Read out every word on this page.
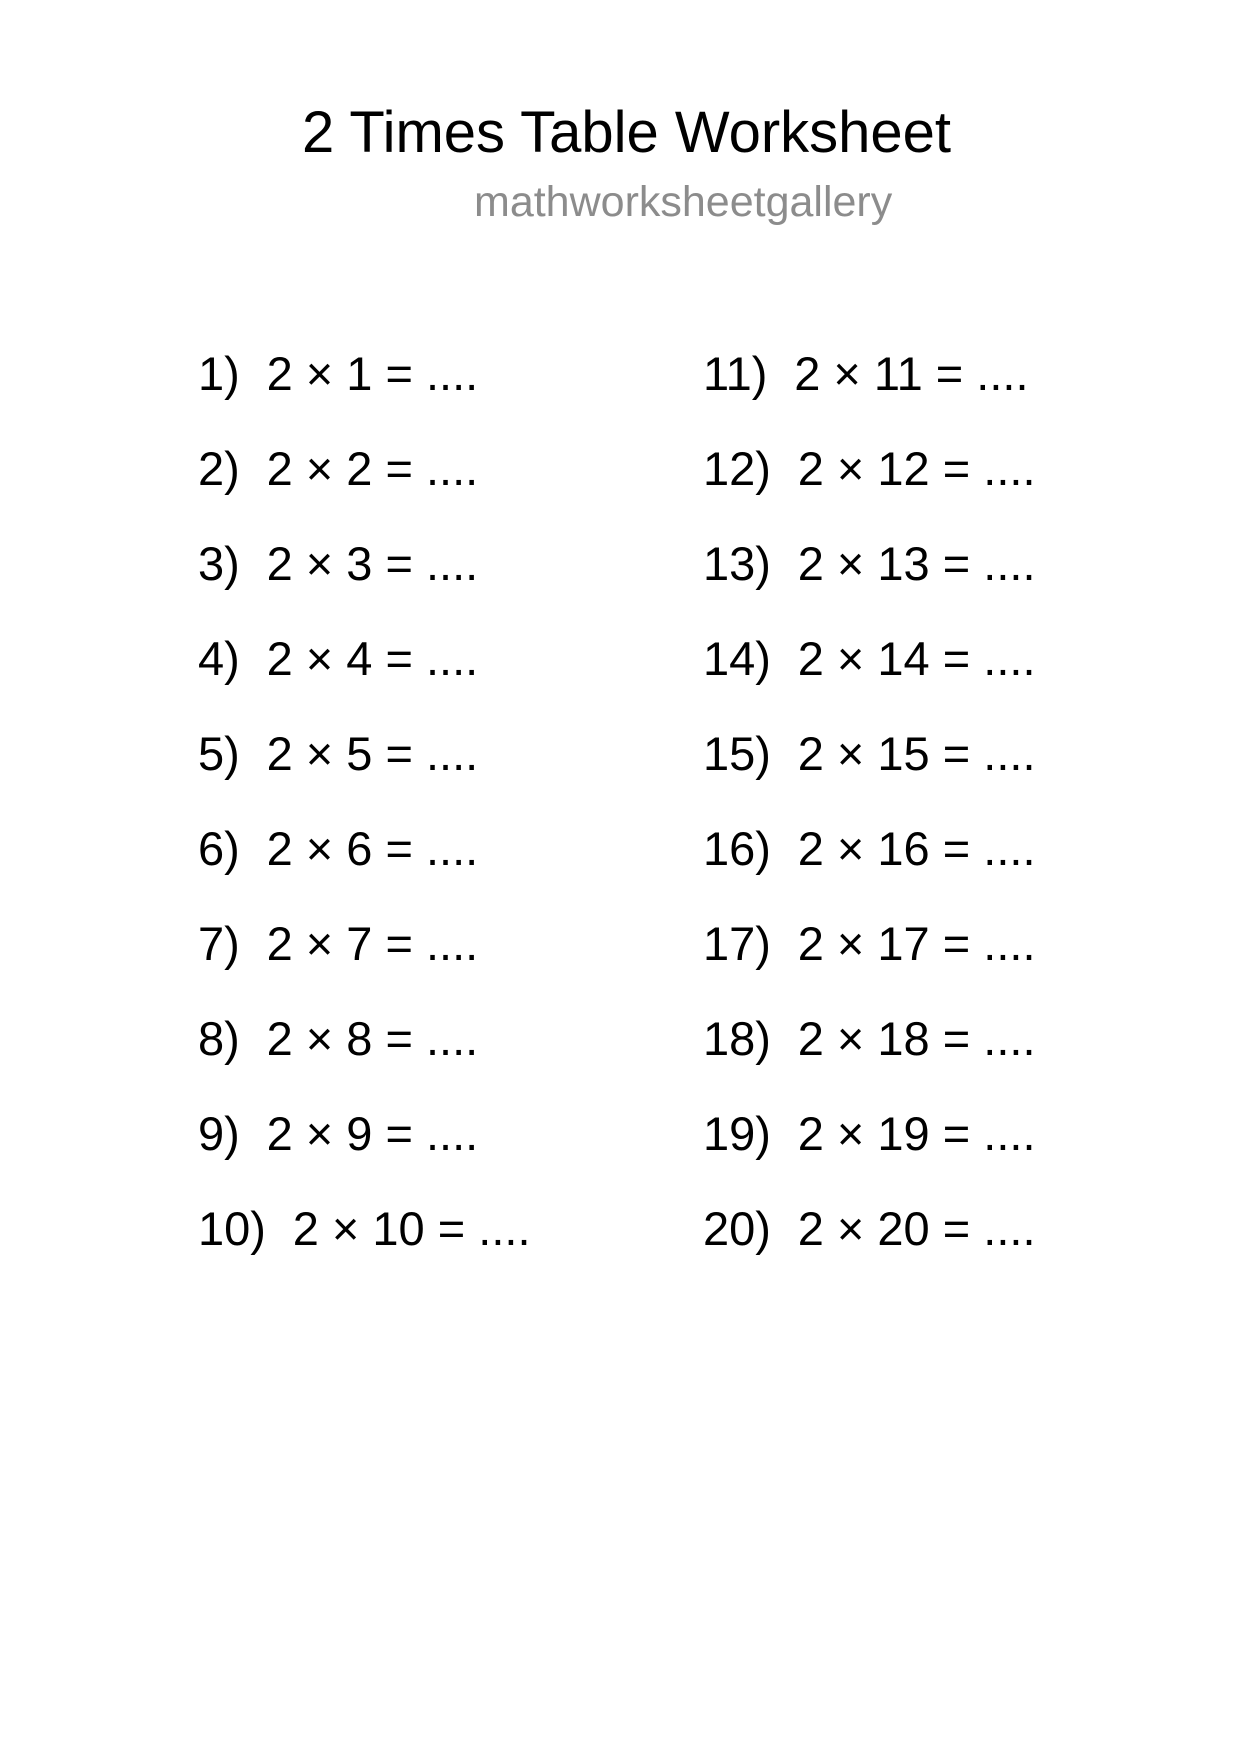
2 Times Table Worksheet
mathworksheetgallery
1) 2 × 1 = ....
2) 2 × 2 = ....
3) 2 × 3 = ....
4) 2 × 4 = ....
5) 2 × 5 = ....
6) 2 × 6 = ....
7) 2 × 7 = ....
8) 2 × 8 = ....
9) 2 × 9 = ....
10) 2 × 10 = ....
11) 2 × 11 = ....
12) 2 × 12 = ....
13) 2 × 13 = ....
14) 2 × 14 = ....
15) 2 × 15 = ....
16) 2 × 16 = ....
17) 2 × 17 = ....
18) 2 × 18 = ....
19) 2 × 19 = ....
20) 2 × 20 = ....
